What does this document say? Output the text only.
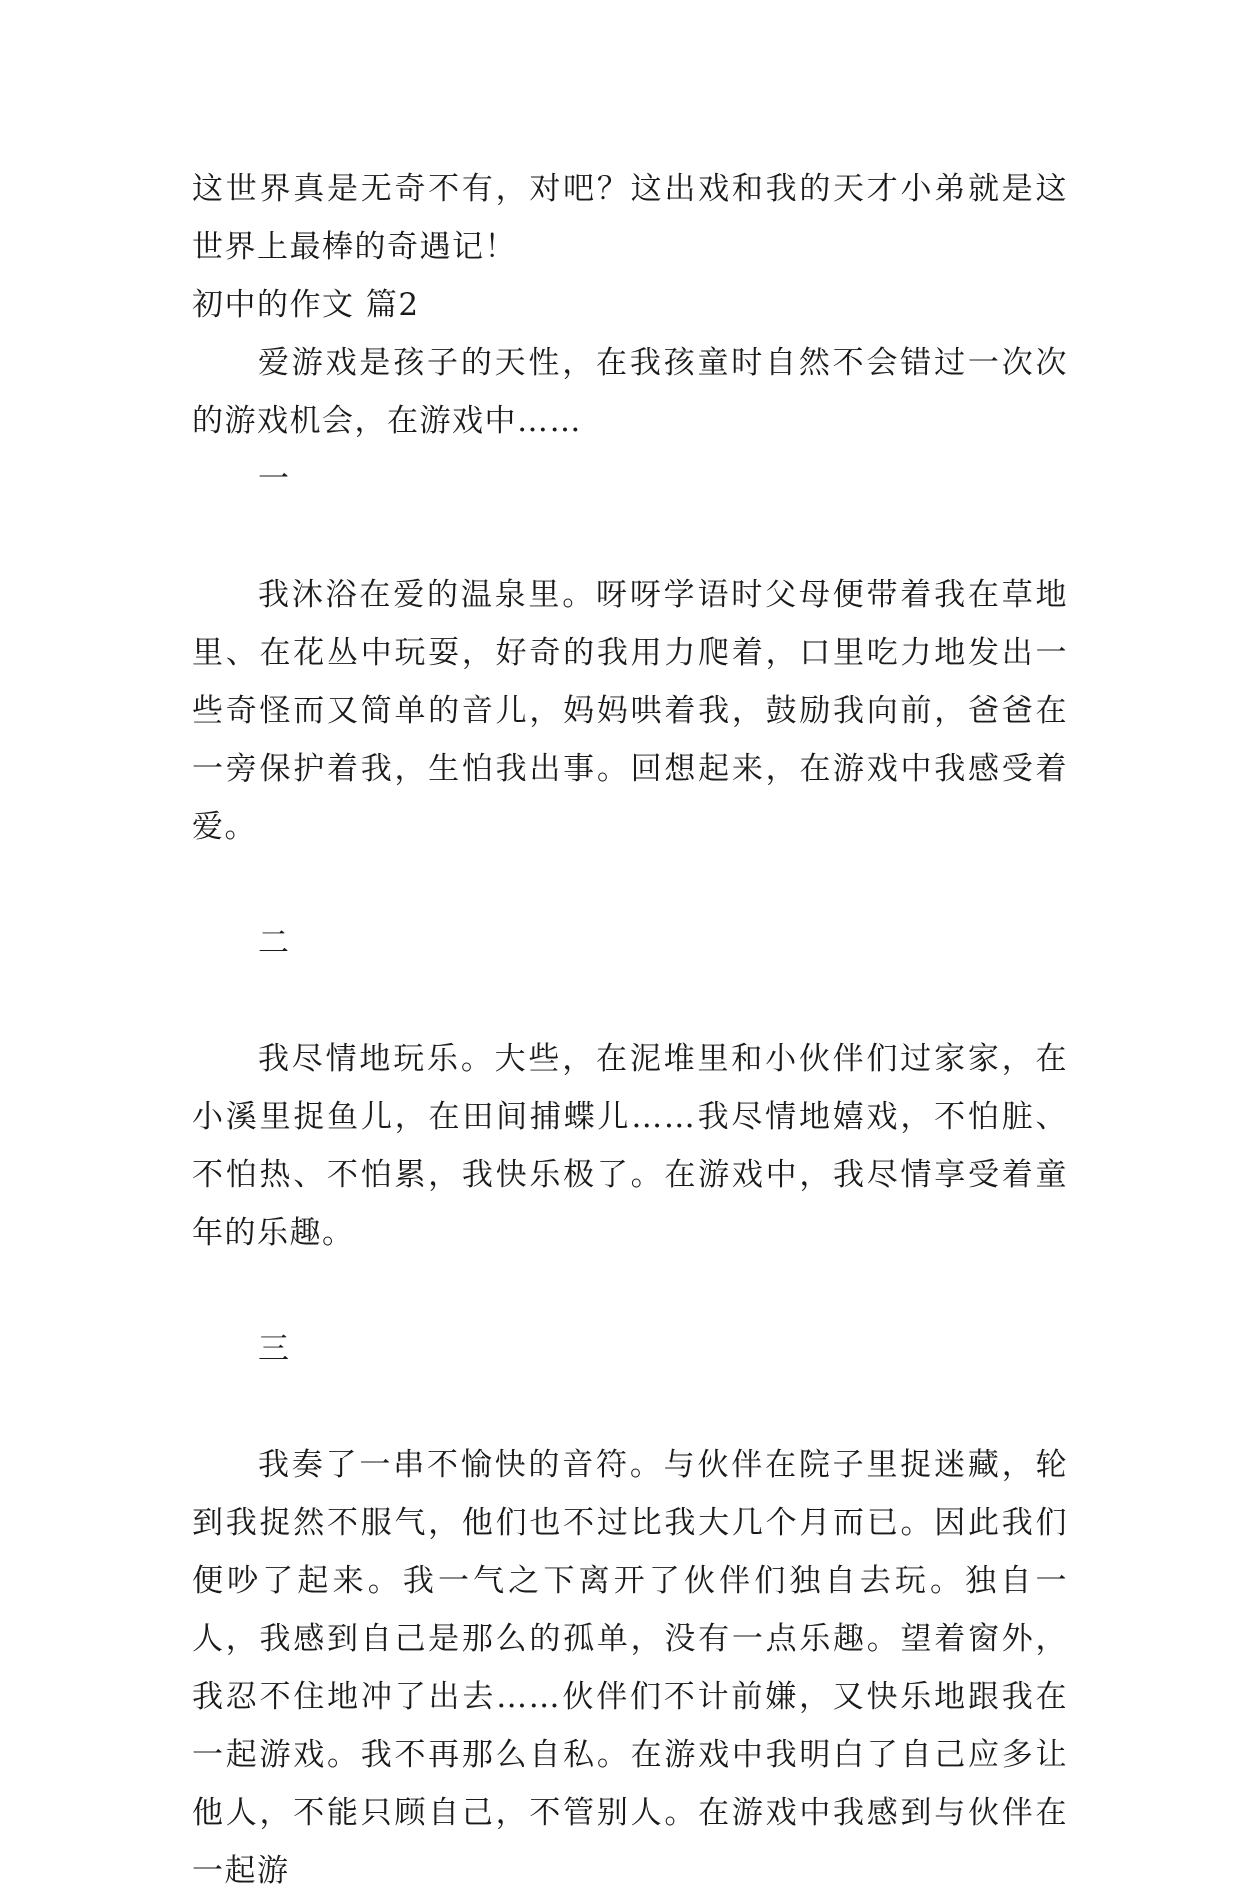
这世界真是无奇不有，对吧？这出戏和我的天才小弟就是这世界上最棒的奇遇记！

初中的作文 篇2

爱游戏是孩子的天性，在我孩童时自然不会错过一次次的游戏机会，在游戏中……

一

我沐浴在爱的温泉里。呀呀学语时父母便带着我在草地里、在花丛中玩耍，好奇的我用力爬着，口里吃力地发出一些奇怪而又简单的音儿，妈妈哄着我，鼓励我向前，爸爸在一旁保护着我，生怕我出事。回想起来，在游戏中我感受着爱。

二

我尽情地玩乐。大些，在泥堆里和小伙伴们过家家，在小溪里捉鱼儿，在田间捕蝶儿……我尽情地嬉戏，不怕脏、不怕热、不怕累，我快乐极了。在游戏中，我尽情享受着童年的乐趣。

三

我奏了一串不愉快的音符。与伙伴在院子里捉迷藏，轮到我捉然不服气，他们也不过比我大几个月而已。因此我们便吵了起来。我一气之下离开了伙伴们独自去玩。独自一人，我感到自己是那么的孤单，没有一点乐趣。望着窗外，我忍不住地冲了出去……伙伴们不计前嫌，又快乐地跟我在一起游戏。我不再那么自私。在游戏中我明白了自己应多让他人，不能只顾自己，不管别人。在游戏中我感到与伙伴在一起游
